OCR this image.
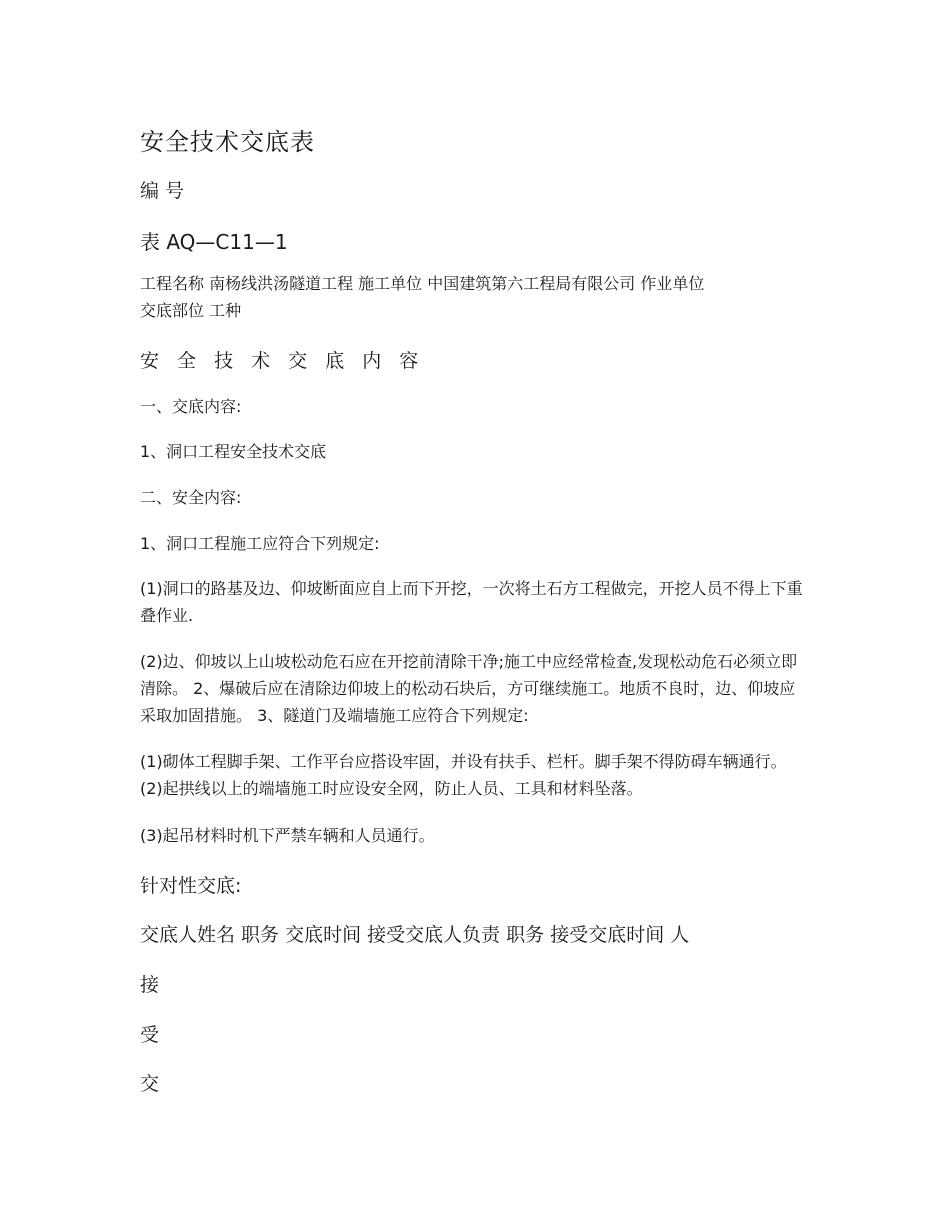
安全技术交底表

编 号

表 AQ—C11—1

工程名称 南杨线洪汤隧道工程 施工单位 中国建筑第六工程局有限公司 作业单位

交底部位 工种

安 全 技 术 交 底 内 容

一、交底内容:

1、洞口工程安全技术交底

二、安全内容:

1、洞口工程施工应符合下列规定:

(1)洞口的路基及边、仰坡断面应自上而下开挖，一次将土石方工程做完，开挖人员不得上下重叠作业.

(2)边、仰坡以上山坡松动危石应在开挖前清除干净;施工中应经常检查,发现松动危石必须立即清除。 2、爆破后应在清除边仰坡上的松动石块后，方可继续施工。地质不良时，边、仰坡应采取加固措施。 3、隧道门及端墙施工应符合下列规定:

(1)砌体工程脚手架、工作平台应搭设牢固，并设有扶手、栏杆。脚手架不得防碍车辆通行。 (2)起拱线以上的端墙施工时应设安全网，防止人员、工具和材料坠落。

(3)起吊材料时机下严禁车辆和人员通行。

针对性交底:

交底人姓名 职务 交底时间 接受交底人负责 职务 接受交底时间 人

接

受

交
